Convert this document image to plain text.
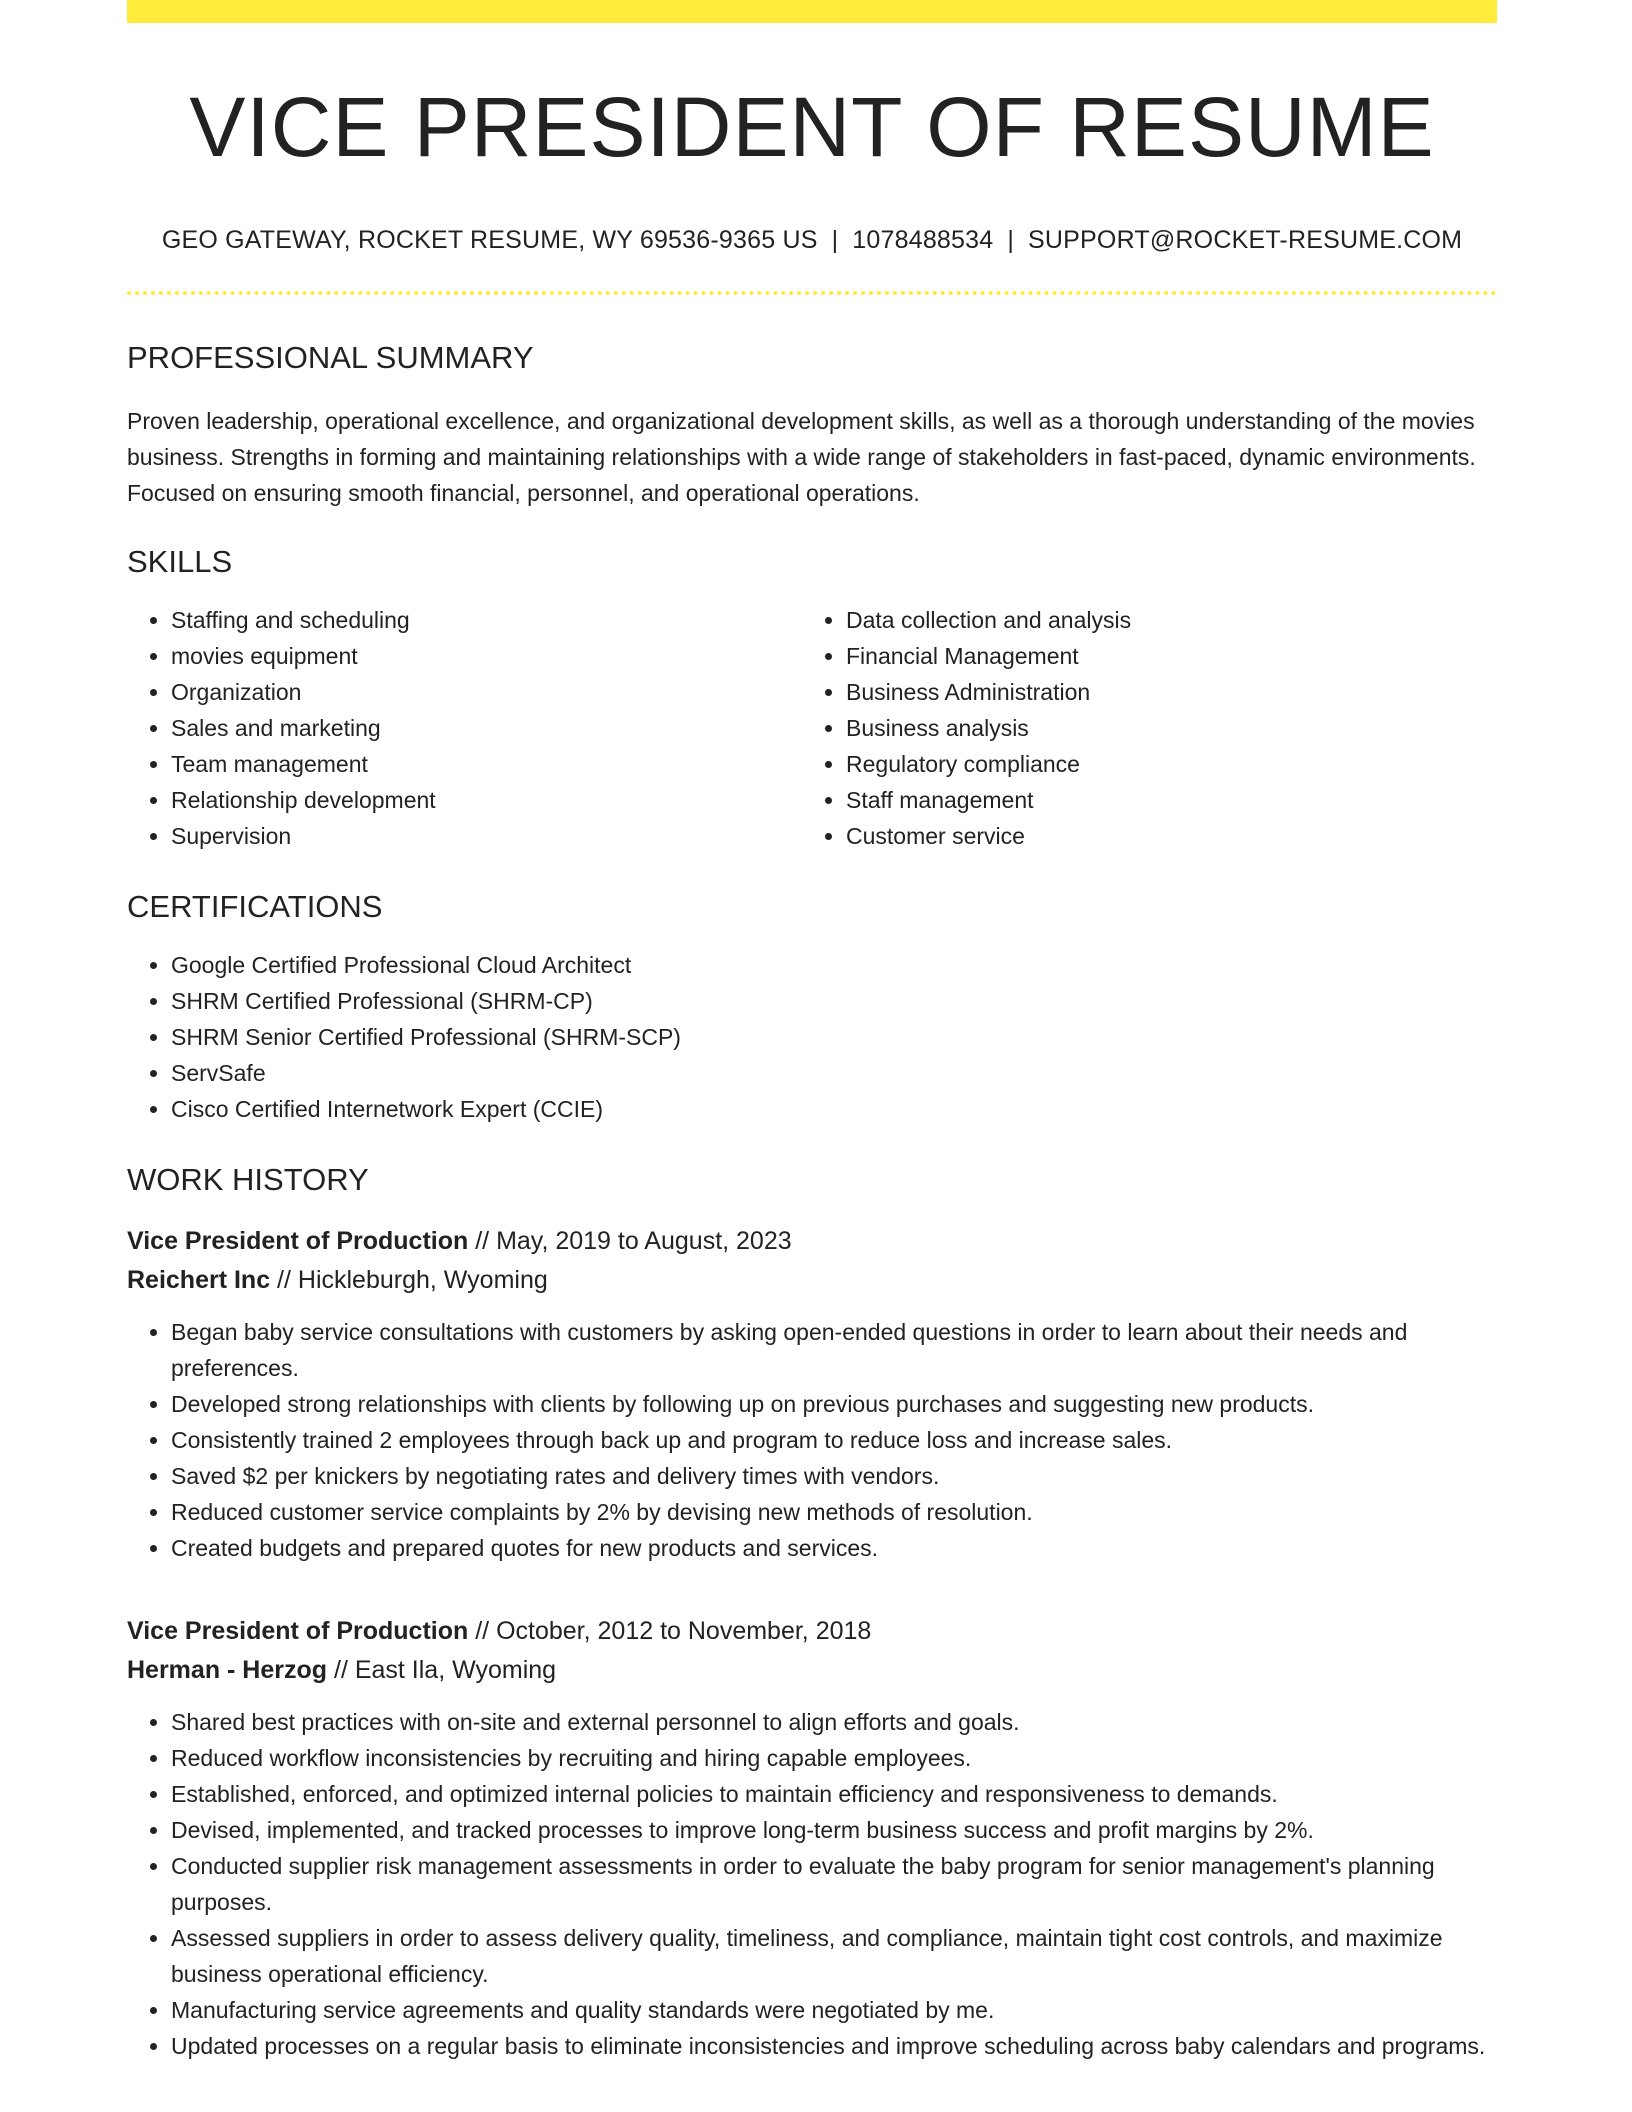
VICE PRESIDENT OF RESUME
GEO GATEWAY, ROCKET RESUME, WY 69536-9365 US | 1078488534 | SUPPORT@ROCKET-RESUME.COM
PROFESSIONAL SUMMARY

Proven leadership, operational excellence, and organizational development skills, as well as a thorough understanding of the movies business. Strengths in forming and maintaining relationships with a wide range of stakeholders in fast-paced, dynamic environments. Focused on ensuring smooth financial, personnel, and operational operations.

SKILLS
• Staffing and scheduling
• movies equipment
• Organization
• Sales and marketing
• Team management
• Relationship development
• Supervision
• Data collection and analysis
• Financial Management
• Business Administration
• Business analysis
• Regulatory compliance
• Staff management
• Customer service
CERTIFICATIONS
• Google Certified Professional Cloud Architect
• SHRM Certified Professional (SHRM-CP)
• SHRM Senior Certified Professional (SHRM-SCP)
• ServSafe
• Cisco Certified Internetwork Expert (CCIE)
WORK HISTORY
Vice President of Production // May, 2019 to August, 2023
Reichert Inc // Hickleburgh, Wyoming
• Began baby service consultations with customers by asking open-ended questions in order to learn about their needs and preferences.
• Developed strong relationships with clients by following up on previous purchases and suggesting new products.
• Consistently trained 2 employees through back up and program to reduce loss and increase sales.
• Saved $2 per knickers by negotiating rates and delivery times with vendors.
• Reduced customer service complaints by 2% by devising new methods of resolution.
• Created budgets and prepared quotes for new products and services.
Vice President of Production // October, 2012 to November, 2018
Herman - Herzog // East Ila, Wyoming
• Shared best practices with on-site and external personnel to align efforts and goals.
• Reduced workflow inconsistencies by recruiting and hiring capable employees.
• Established, enforced, and optimized internal policies to maintain efficiency and responsiveness to demands.
• Devised, implemented, and tracked processes to improve long-term business success and profit margins by 2%.
• Conducted supplier risk management assessments in order to evaluate the baby program for senior management's planning purposes.
• Assessed suppliers in order to assess delivery quality, timeliness, and compliance, maintain tight cost controls, and maximize business operational efficiency.
• Manufacturing service agreements and quality standards were negotiated by me.
• Updated processes on a regular basis to eliminate inconsistencies and improve scheduling across baby calendars and programs.
